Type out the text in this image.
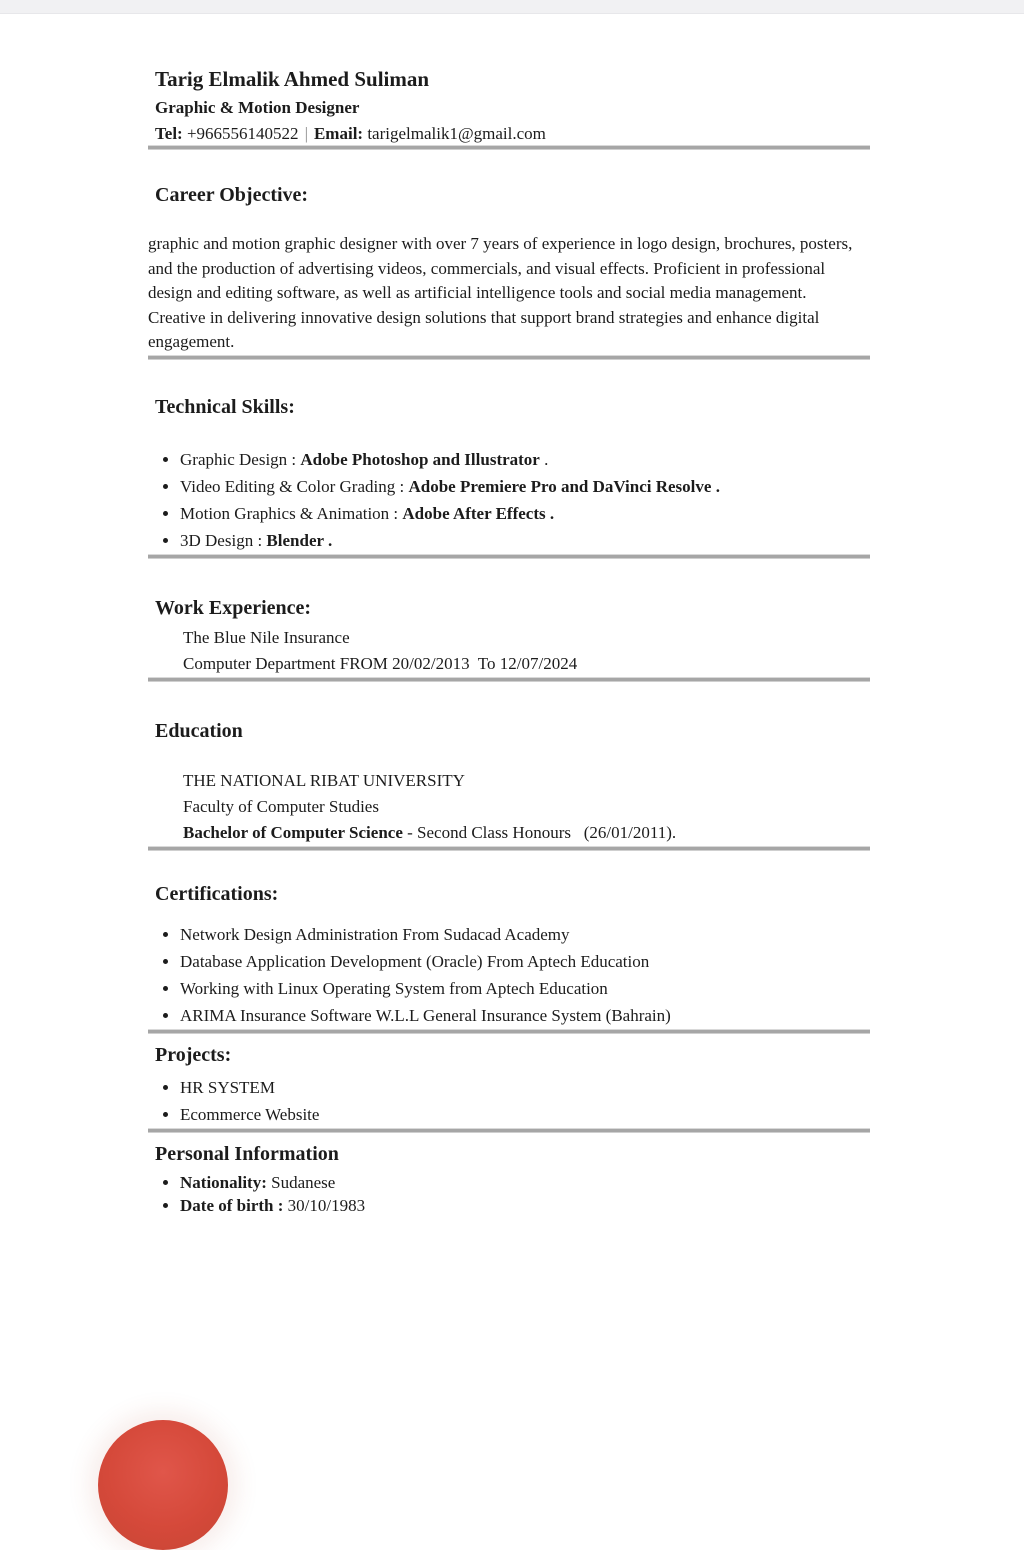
Tarig Elmalik Ahmed Suliman

Graphic & Motion Designer

Tel: +966556140522 | Email: tarigelmalik1@gmail.com

Career Objective:

graphic and motion graphic designer with over 7 years of experience in logo design, brochures, posters, and the production of advertising videos, commercials, and visual effects. Proficient in professional design and editing software, as well as artificial intelligence tools and social media management. Creative in delivering innovative design solutions that support brand strategies and enhance digital engagement.

Technical Skills:
• Graphic Design : Adobe Photoshop and Illustrator .
• Video Editing & Color Grading : Adobe Premiere Pro and DaVinci Resolve .
• Motion Graphics & Animation : Adobe After Effects .
• 3D Design : Blender .
Work Experience:
The Blue Nile Insurance
Computer Department FROM 20/02/2013  To 12/07/2024
Education
THE NATIONAL RIBAT UNIVERSITY
Faculty of Computer Studies
Bachelor of Computer Science - Second Class Honours   (26/01/2011).
Certifications:
• Network Design Administration From Sudacad Academy
• Database Application Development (Oracle) From Aptech Education
• Working with Linux Operating System from Aptech Education
• ARIMA Insurance Software W.L.L General Insurance System (Bahrain)
Projects:
• HR SYSTEM
• Ecommerce Website
Personal Information
• Nationality: Sudanese
• Date of birth : 30/10/1983
